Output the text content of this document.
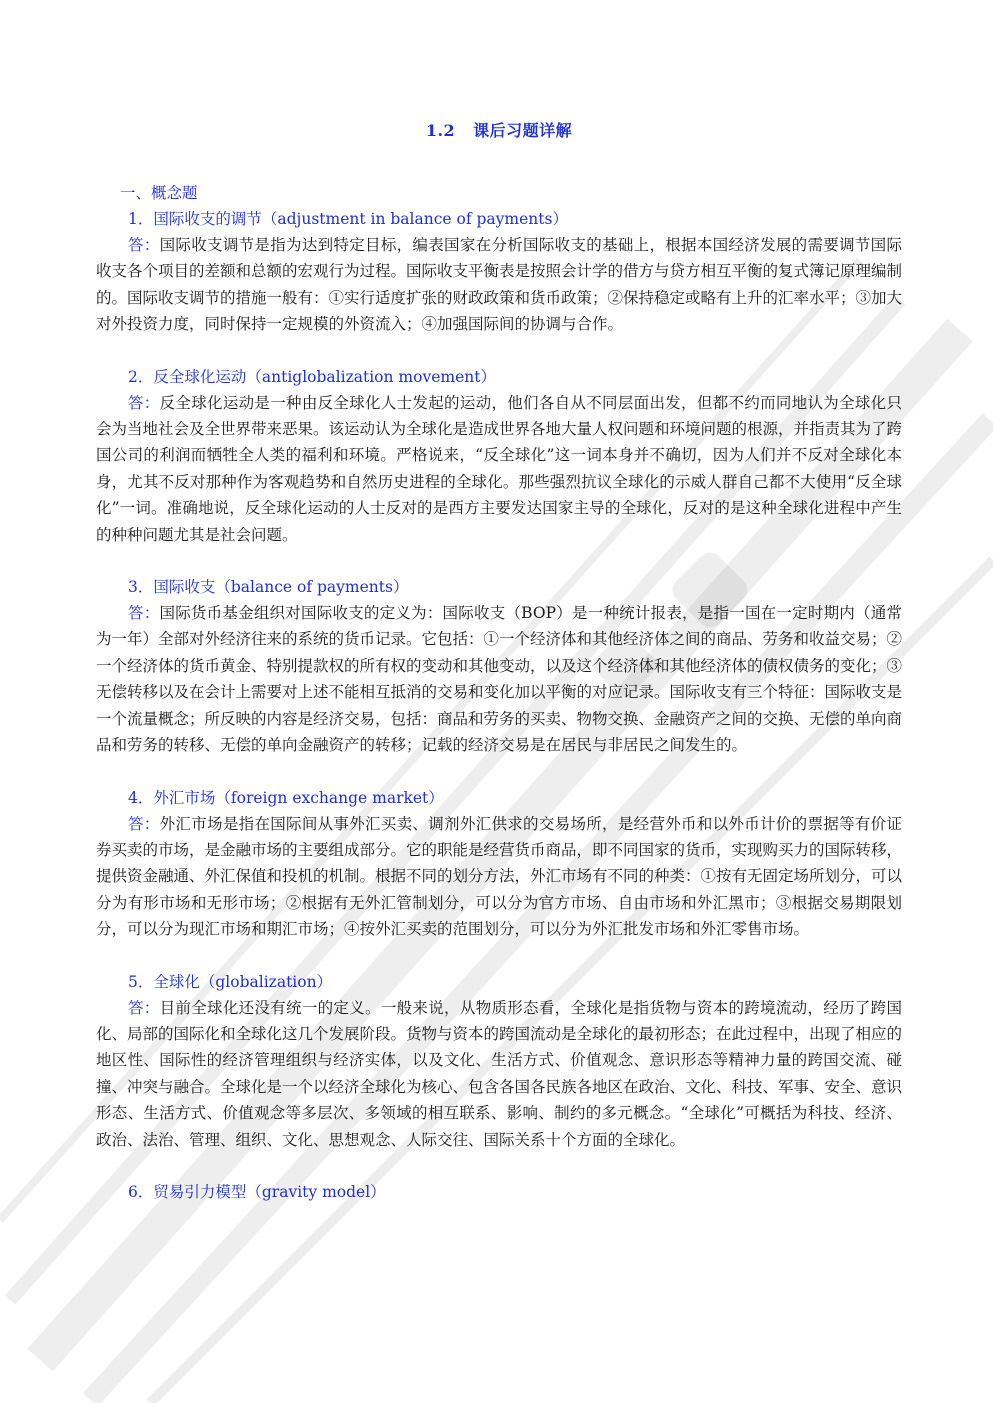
1.2 课后习题详解
一、概念题
1．国际收支的调节（adjustment in balance of payments）

答：国际收支调节是指为达到特定目标，编表国家在分析国际收支的基础上，根据本国经济发展的需要调节国际收支各个项目的差额和总额的宏观行为过程。国际收支平衡表是按照会计学的借方与贷方相互平衡的复式簿记原理编制的。国际收支调节的措施一般有：①实行适度扩张的财政政策和货币政策；②保持稳定或略有上升的汇率水平；③加大对外投资力度，同时保持一定规模的外资流入；④加强国际间的协调与合作。

2．反全球化运动（antiglobalization movement）

答：反全球化运动是一种由反全球化人士发起的运动，他们各自从不同层面出发，但都不约而同地认为全球化只会为当地社会及全世界带来恶果。该运动认为全球化是造成世界各地大量人权问题和环境问题的根源，并指责其为了跨国公司的利润而牺牲全人类的福利和环境。严格说来，“反全球化”这一词本身并不确切，因为人们并不反对全球化本身，尤其不反对那种作为客观趋势和自然历史进程的全球化。那些强烈抗议全球化的示威人群自己都不大使用“反全球化”一词。准确地说，反全球化运动的人士反对的是西方主要发达国家主导的全球化，反对的是这种全球化进程中产生的种种问题尤其是社会问题。

3．国际收支（balance of payments）

答：国际货币基金组织对国际收支的定义为：国际收支（BOP）是一种统计报表，是指一国在一定时期内（通常为一年）全部对外经济往来的系统的货币记录。它包括：①一个经济体和其他经济体之间的商品、劳务和收益交易；②一个经济体的货币黄金、特别提款权的所有权的变动和其他变动，以及这个经济体和其他经济体的债权债务的变化；③无偿转移以及在会计上需要对上述不能相互抵消的交易和变化加以平衡的对应记录。国际收支有三个特征：国际收支是一个流量概念；所反映的内容是经济交易，包括：商品和劳务的买卖、物物交换、金融资产之间的交换、无偿的单向商品和劳务的转移、无偿的单向金融资产的转移；记载的经济交易是在居民与非居民之间发生的。

4．外汇市场（foreign exchange market）

答：外汇市场是指在国际间从事外汇买卖、调剂外汇供求的交易场所，是经营外币和以外币计价的票据等有价证券买卖的市场，是金融市场的主要组成部分。它的职能是经营货币商品，即不同国家的货币，实现购买力的国际转移，提供资金融通、外汇保值和投机的机制。根据不同的划分方法，外汇市场有不同的种类：①按有无固定场所划分，可以分为有形市场和无形市场；②根据有无外汇管制划分，可以分为官方市场、自由市场和外汇黑市；③根据交易期限划分，可以分为现汇市场和期汇市场；④按外汇买卖的范围划分，可以分为外汇批发市场和外汇零售市场。

5．全球化（globalization）

答：目前全球化还没有统一的定义。一般来说，从物质形态看，全球化是指货物与资本的跨境流动，经历了跨国化、局部的国际化和全球化这几个发展阶段。货物与资本的跨国流动是全球化的最初形态；在此过程中，出现了相应的地区性、国际性的经济管理组织与经济实体，以及文化、生活方式、价值观念、意识形态等精神力量的跨国交流、碰撞、冲突与融合。全球化是一个以经济全球化为核心、包含各国各民族各地区在政治、文化、科技、军事、安全、意识形态、生活方式、价值观念等多层次、多领域的相互联系、影响、制约的多元概念。“全球化”可概括为科技、经济、政治、法治、管理、组织、文化、思想观念、人际交往、国际关系十个方面的全球化。

6．贸易引力模型（gravity model）
